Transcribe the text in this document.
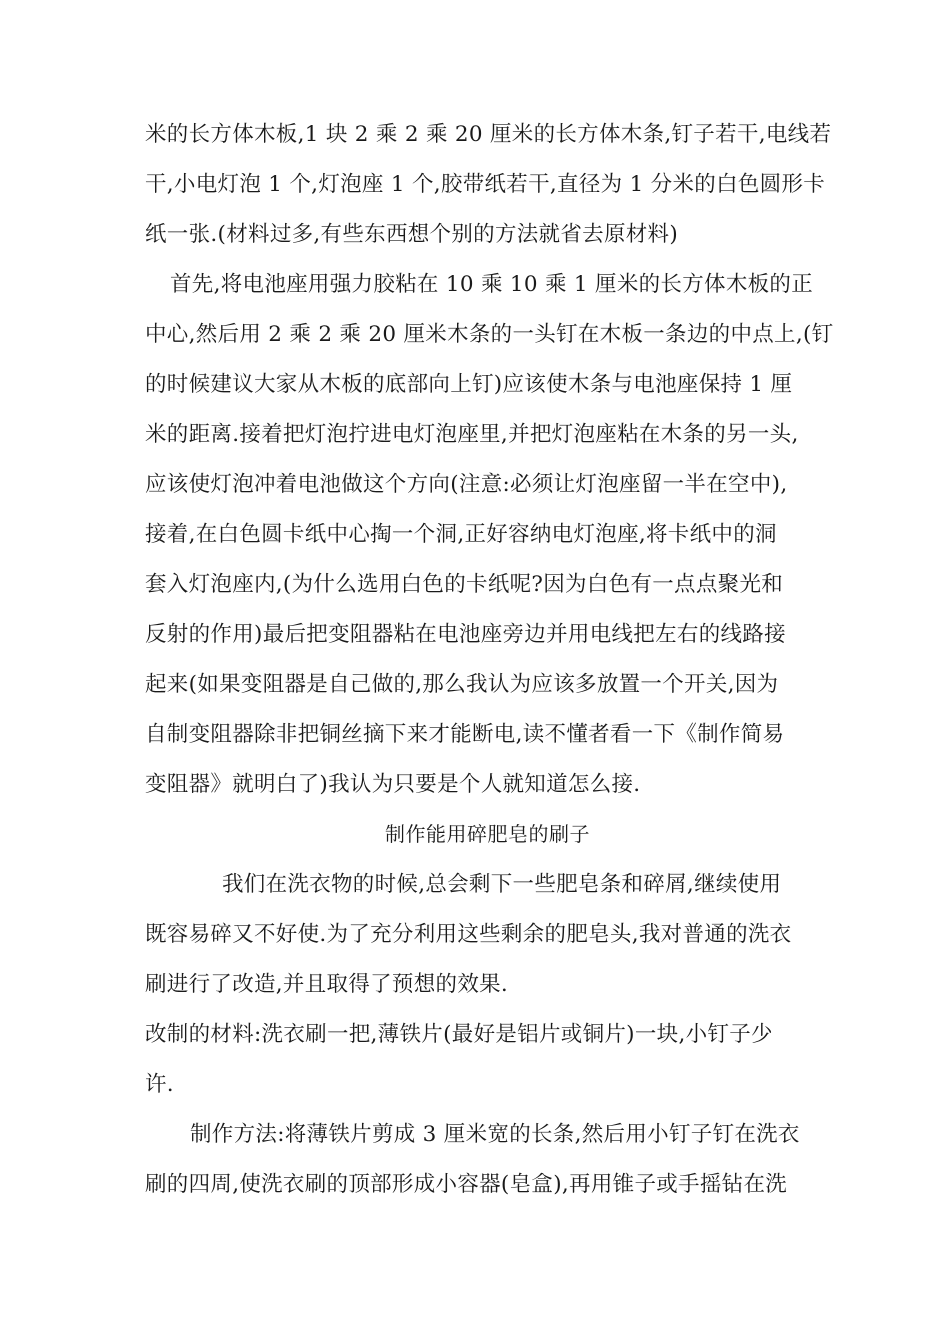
米的长方体木板,1 块 2 乘 2 乘 20 厘米的长方体木条,钉子若干,电线若
干,小电灯泡 1 个,灯泡座 1 个,胶带纸若干,直径为 1 分米的白色圆形卡
纸一张.(材料过多,有些东西想个别的方法就省去原材料)
首先,将电池座用强力胶粘在 10 乘 10 乘 1 厘米的长方体木板的正
中心,然后用 2 乘 2 乘 20 厘米木条的一头钉在木板一条边的中点上,(钉
的时候建议大家从木板的底部向上钉)应该使木条与电池座保持 1 厘
米的距离.接着把灯泡拧进电灯泡座里,并把灯泡座粘在木条的另一头,
应该使灯泡冲着电池做这个方向(注意:必须让灯泡座留一半在空中),
接着,在白色圆卡纸中心掏一个洞,正好容纳电灯泡座,将卡纸中的洞
套入灯泡座内,(为什么选用白色的卡纸呢?因为白色有一点点聚光和
反射的作用)最后把变阻器粘在电池座旁边并用电线把左右的线路接
起来(如果变阻器是自己做的,那么我认为应该多放置一个开关,因为
自制变阻器除非把铜丝摘下来才能断电,读不懂者看一下《制作简易
变阻器》就明白了)我认为只要是个人就知道怎么接.
制作能用碎肥皂的刷子
我们在洗衣物的时候,总会剩下一些肥皂条和碎屑,继续使用
既容易碎又不好使.为了充分利用这些剩余的肥皂头,我对普通的洗衣
刷进行了改造,并且取得了预想的效果.
改制的材料:洗衣刷一把,薄铁片(最好是铝片或铜片)一块,小钉子少
许.
制作方法:将薄铁片剪成 3 厘米宽的长条,然后用小钉子钉在洗衣
刷的四周,使洗衣刷的顶部形成小容器(皂盒),再用锥子或手摇钻在洗
